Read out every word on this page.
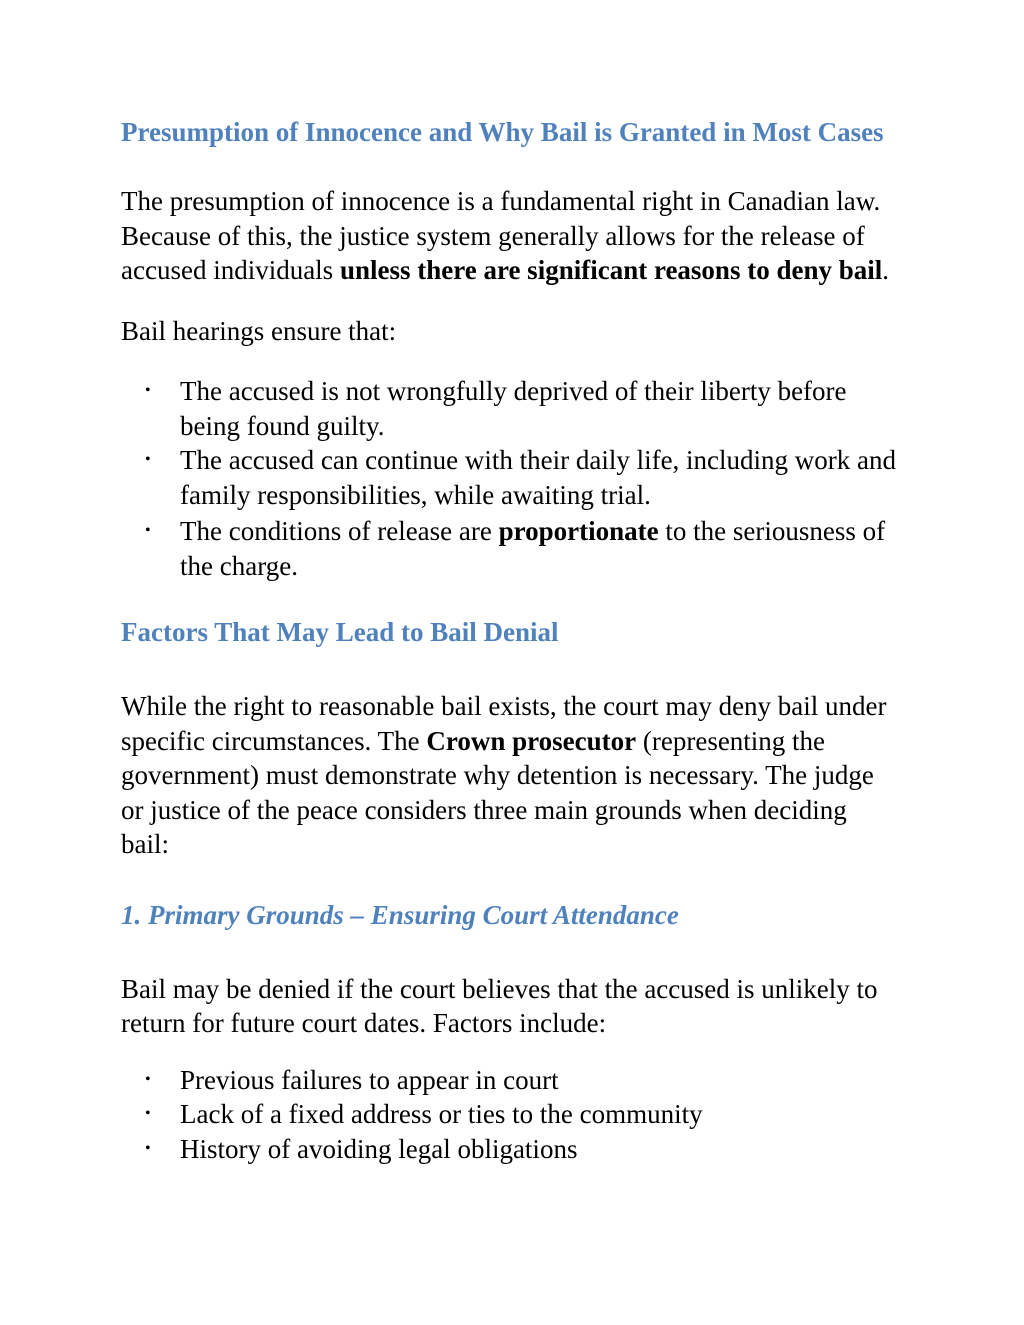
Presumption of Innocence and Why Bail is Granted in Most Cases

The presumption of innocence is a fundamental right in Canadian law. Because of this, the justice system generally allows for the release of accused individuals unless there are significant reasons to deny bail.

Bail hearings ensure that:

• The accused is not wrongfully deprived of their liberty before being found guilty.
• The accused can continue with their daily life, including work and family responsibilities, while awaiting trial.
• The conditions of release are proportionate to the seriousness of the charge.
Factors That May Lead to Bail Denial

While the right to reasonable bail exists, the court may deny bail under specific circumstances. The Crown prosecutor (representing the government) must demonstrate why detention is necessary. The judge or justice of the peace considers three main grounds when deciding bail:

1. Primary Grounds – Ensuring Court Attendance

Bail may be denied if the court believes that the accused is unlikely to return for future court dates. Factors include:

• Previous failures to appear in court
• Lack of a fixed address or ties to the community
• History of avoiding legal obligations
